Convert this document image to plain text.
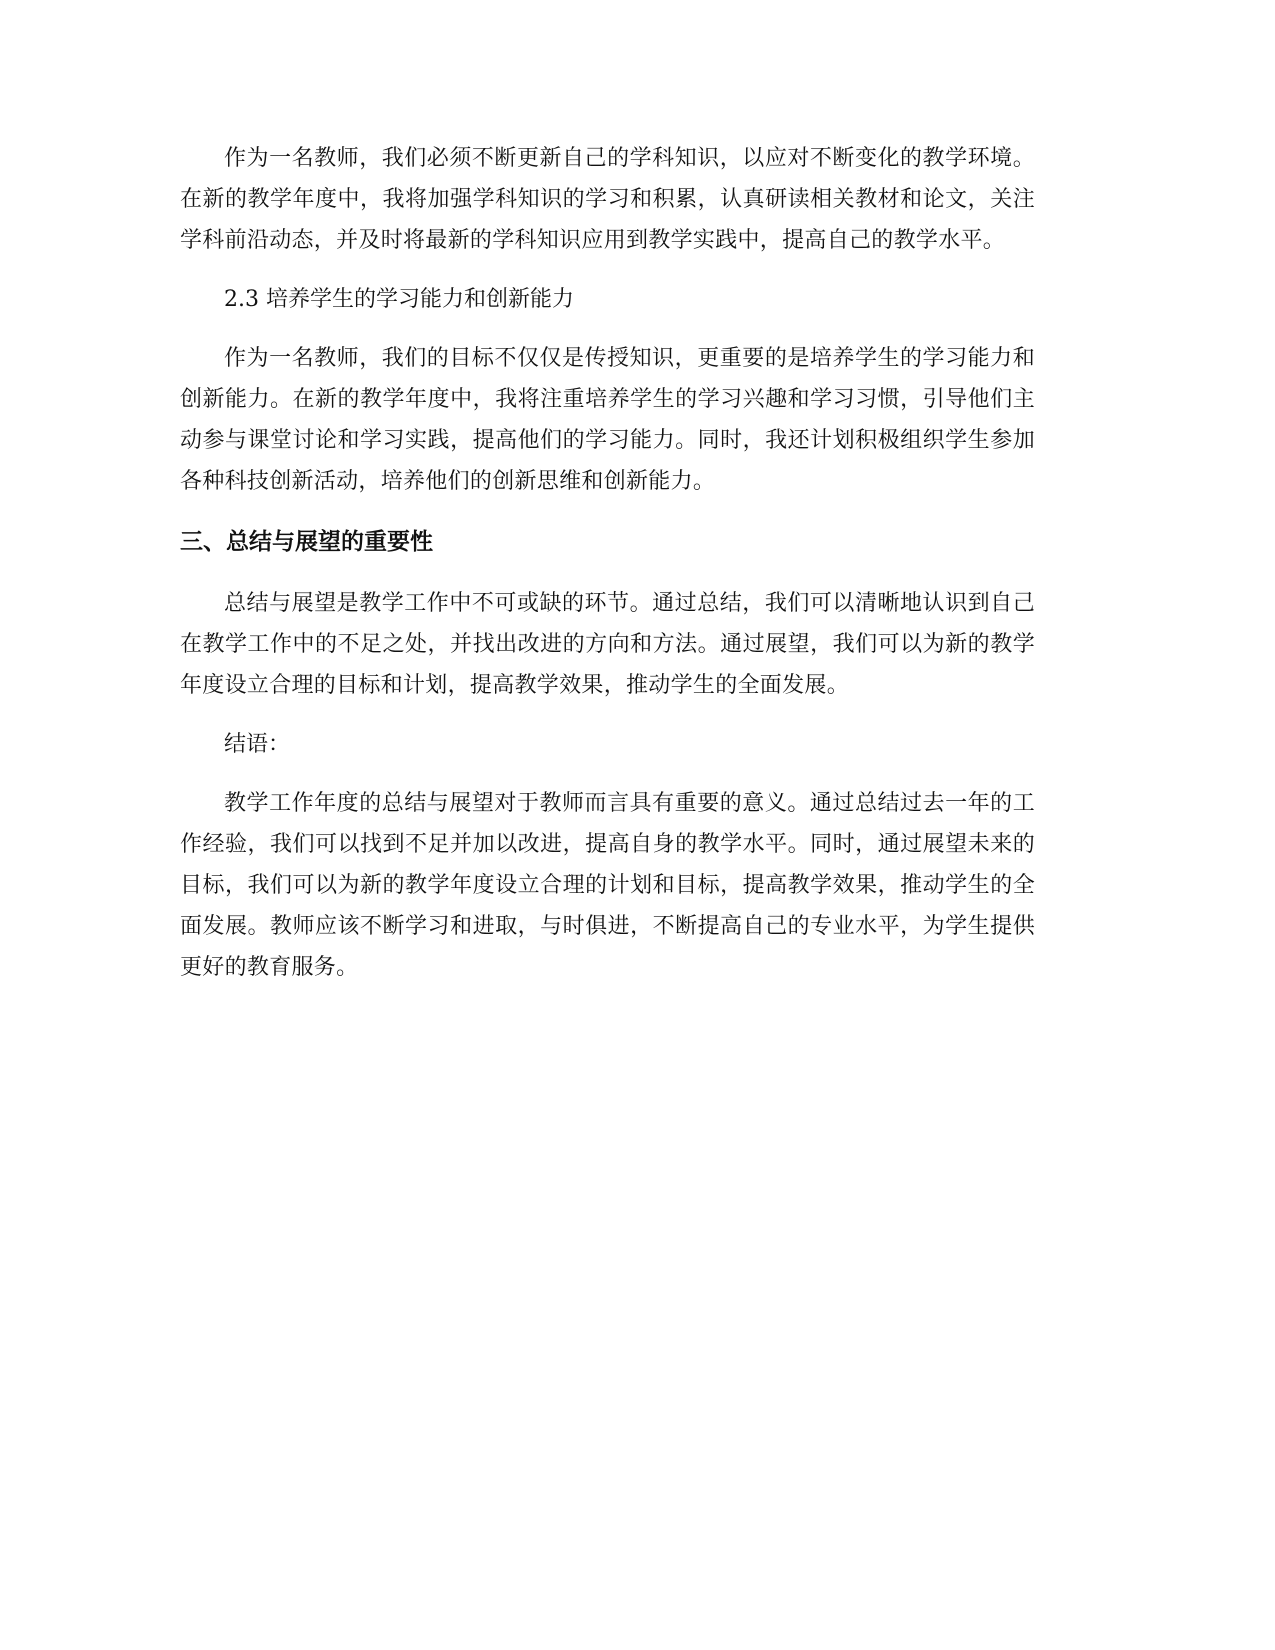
作为一名教师，我们必须不断更新自己的学科知识，以应对不断变化的教学环境。在新的教学年度中，我将加强学科知识的学习和积累，认真研读相关教材和论文，关注学科前沿动态，并及时将最新的学科知识应用到教学实践中，提高自己的教学水平。

2.3 培养学生的学习能力和创新能力

作为一名教师，我们的目标不仅仅是传授知识，更重要的是培养学生的学习能力和创新能力。在新的教学年度中，我将注重培养学生的学习兴趣和学习习惯，引导他们主动参与课堂讨论和学习实践，提高他们的学习能力。同时，我还计划积极组织学生参加各种科技创新活动，培养他们的创新思维和创新能力。

三、总结与展望的重要性

总结与展望是教学工作中不可或缺的环节。通过总结，我们可以清晰地认识到自己在教学工作中的不足之处，并找出改进的方向和方法。通过展望，我们可以为新的教学年度设立合理的目标和计划，提高教学效果，推动学生的全面发展。

结语：

教学工作年度的总结与展望对于教师而言具有重要的意义。通过总结过去一年的工作经验，我们可以找到不足并加以改进，提高自身的教学水平。同时，通过展望未来的目标，我们可以为新的教学年度设立合理的计划和目标，提高教学效果，推动学生的全面发展。教师应该不断学习和进取，与时俱进，不断提高自己的专业水平，为学生提供更好的教育服务。
